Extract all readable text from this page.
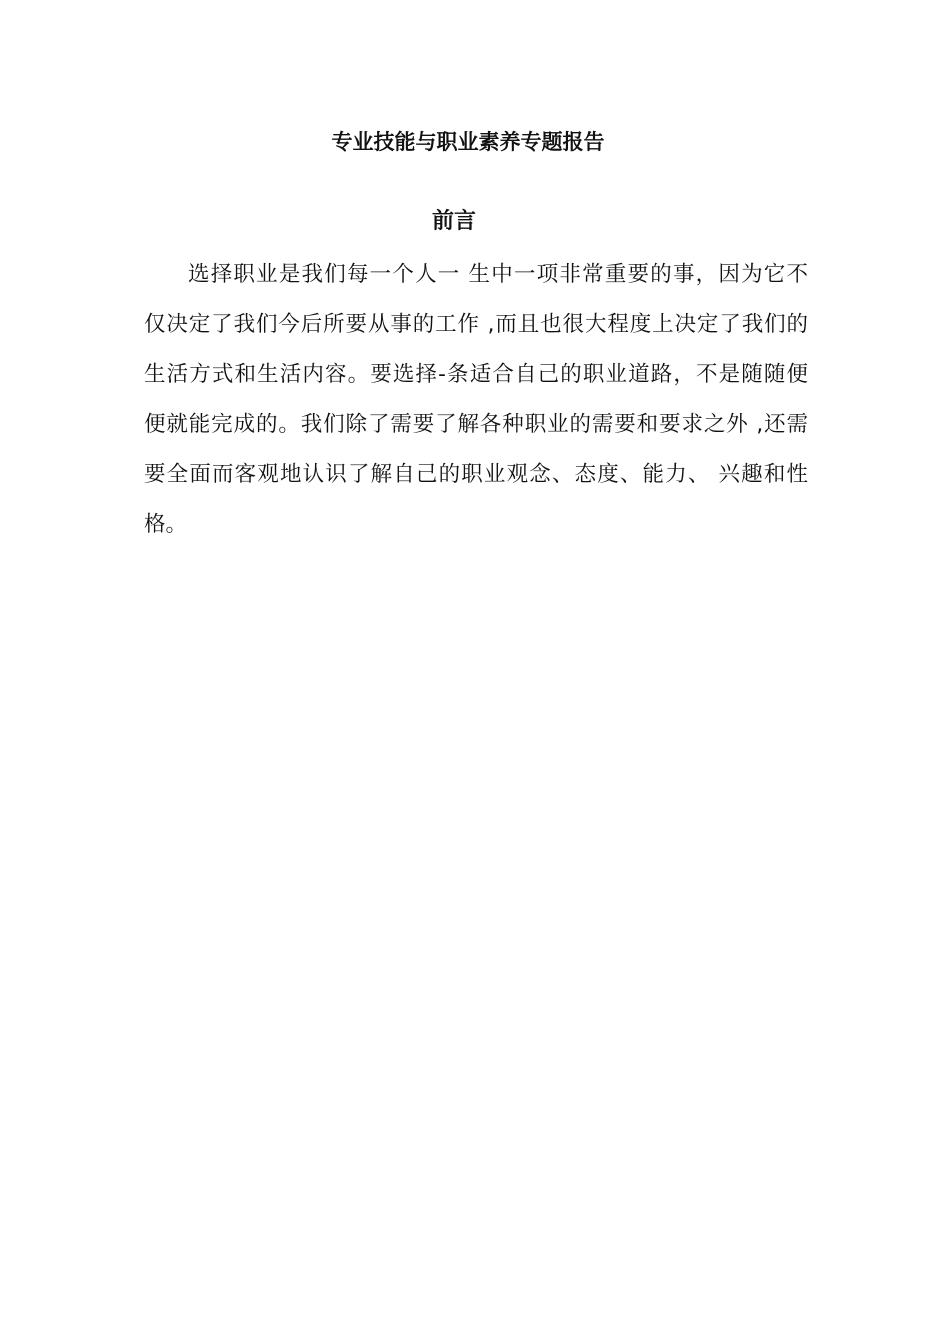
专业技能与职业素养专题报告
前言

选择职业是我们每一个人一 生中一项非常重要的事，因为它不
仅决定了我们今后所要从事的工作 ,而且也很大程度上决定了我们的
生活方式和生活内容。要选择-条适合自己的职业道路，不是随随便
便就能完成的。我们除了需要了解各种职业的需要和要求之外 ,还需
要全面而客观地认识了解自己的职业观念、态度、能力、 兴趣和性
格。
